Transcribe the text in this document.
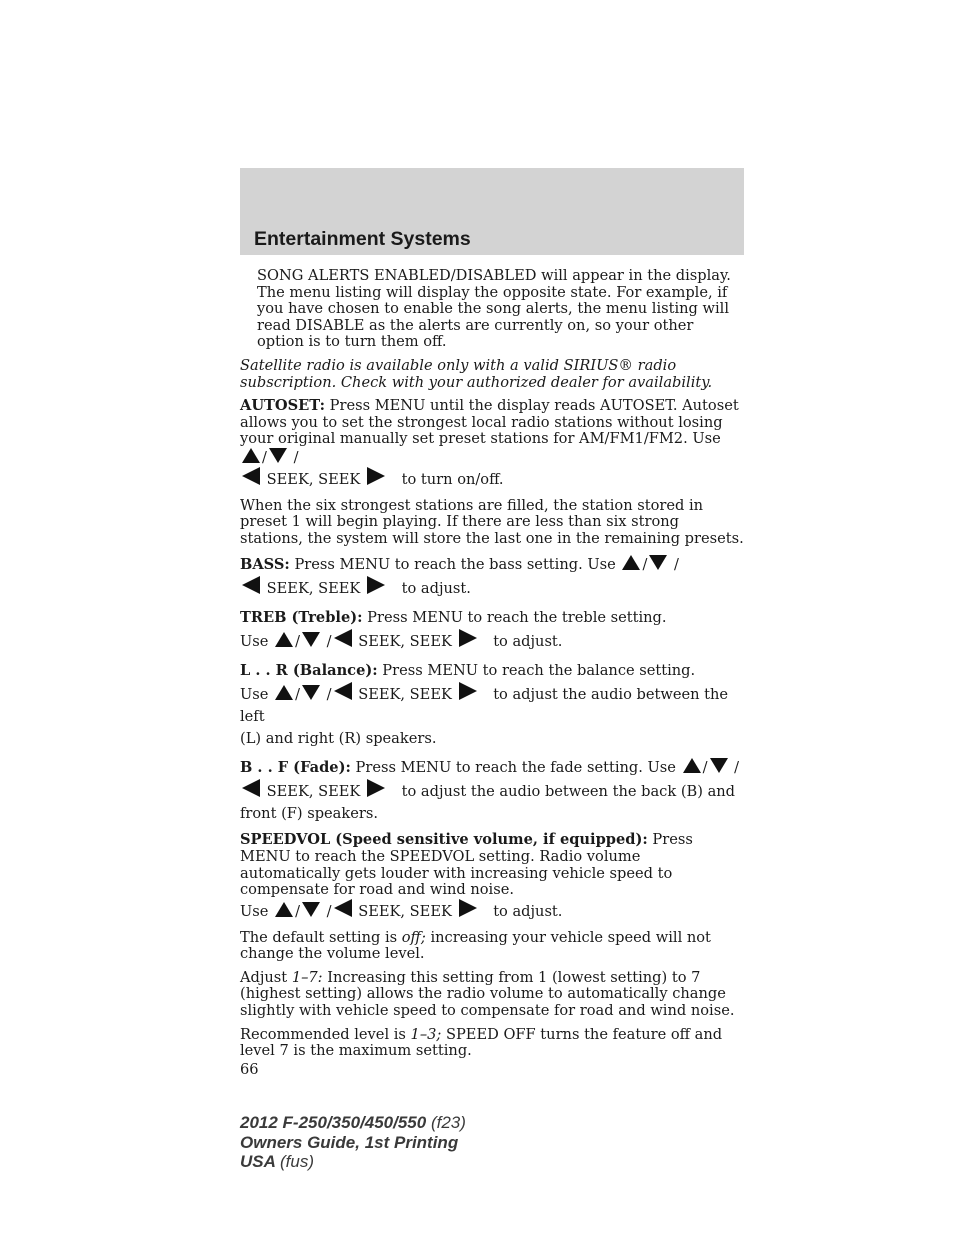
Entertainment Systems

SONG ALERTS ENABLED/DISABLED will appear in the display. The menu listing will display the opposite state. For example, if you have chosen to enable the song alerts, the menu listing will read DISABLE as the alerts are currently on, so your other option is to turn them off.

Satellite radio is available only with a valid SIRIUS® radio subscription. Check with your authorized dealer for availability.

AUTOSET: Press MENU until the display reads AUTOSET. Autoset allows you to set the strongest local radio stations without losing your original manually set preset stations for AM/FM1/FM2. Use / /
SEEK, SEEK	to turn on/off.

When the six strongest stations are filled, the station stored in preset 1 will begin playing. If there are less than six strong stations, the system will store the last one in the remaining presets.

BASS: Press MENU to reach the bass setting. Use / /
SEEK, SEEK	to adjust.

TREB (Treble): Press MENU to reach the treble setting.
Use / / SEEK, SEEK	to adjust.

L . . R (Balance): Press MENU to reach the balance setting.
Use / / SEEK, SEEK	to adjust the audio between the left
(L) and right (R) speakers.

B . . F (Fade): Press MENU to reach the fade setting. Use / /
SEEK, SEEK	to adjust the audio between the back (B) and
front (F) speakers.

SPEEDVOL (Speed sensitive volume, if equipped): Press MENU to reach the SPEEDVOL setting. Radio volume automatically gets louder with increasing vehicle speed to compensate for road and wind noise.
Use / / SEEK, SEEK	to adjust.

The default setting is off; increasing your vehicle speed will not change the volume level.

Adjust 1–7: Increasing this setting from 1 (lowest setting) to 7 (highest setting) allows the radio volume to automatically change slightly with vehicle speed to compensate for road and wind noise.

Recommended level is 1–3; SPEED OFF turns the feature off and level 7 is the maximum setting.

66
2012 F-250/350/450/550 (f23)
Owners Guide, 1st Printing
USA (fus)
